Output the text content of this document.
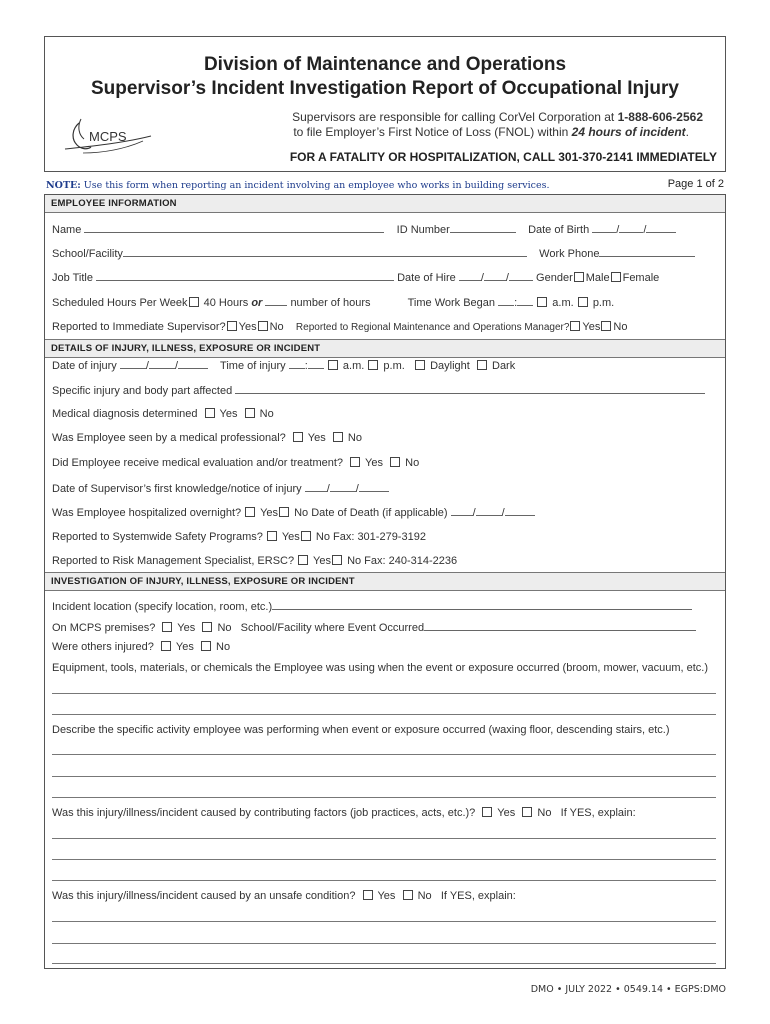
Division of Maintenance and Operations
Supervisor’s Incident Investigation Report of Occupational Injury
MCPS
Supervisors are responsible for calling CorVel Corporation at 1-888-606-2562
to file Employer’s First Notice of Loss (FNOL) within 24 hours of incident.
FOR A FATALITY OR HOSPITALIZATION, CALL 301-370-2141 IMMEDIATELY
NOTE: Use this form when reporting an incident involving an employee who works in building services.	Page 1 of 2
EMPLOYEE INFORMATION
Name	ID Number	Date of Birth / /
School/Facility	Work Phone
Job Title	Date of Hire / / Gender Male Female
Scheduled Hours Per Week 40 Hours or	number of hours	Time Work Began :	a.m. p.m.
Reported to Immediate Supervisor? Yes No Reported to Regional Maintenance and Operations Manager? Yes No
DETAILS OF INJURY, ILLNESS, EXPOSURE OR INCIDENT
Date of injury	/ /	Time of injury :	a.m. p.m. Daylight Dark
Specific injury and body part affected
Medical diagnosis determined Yes No
Was Employee seen by a medical professional? Yes No
Did Employee receive medical evaluation and/or treatment? Yes No
Date of Supervisor’s first knowledge/notice of injury / /
Was Employee hospitalized overnight? Yes No Date of Death (if applicable) / /
Reported to Systemwide Safety Programs? Yes No Fax: 301-279-3192
Reported to Risk Management Specialist, ERSC? Yes No Fax: 240-314-2236
INVESTIGATION OF INJURY, ILLNESS, EXPOSURE OR INCIDENT
Incident location (specify location, room, etc.)
On MCPS premises? Yes No School/Facility where Event Occurred
Were others injured? Yes No
Equipment, tools, materials, or chemicals the Employee was using when the event or exposure occurred (broom, mower, vacuum, etc.)
Describe the specific activity employee was performing when event or exposure occurred (waxing floor, descending stairs, etc.)
Was this injury/illness/incident caused by contributing factors (job practices, acts, etc.)? Yes No If YES, explain:
Was this injury/illness/incident caused by an unsafe condition? Yes No If YES, explain:
DMO • JULY 2022 • 0549.14 • EGPS:DMO
